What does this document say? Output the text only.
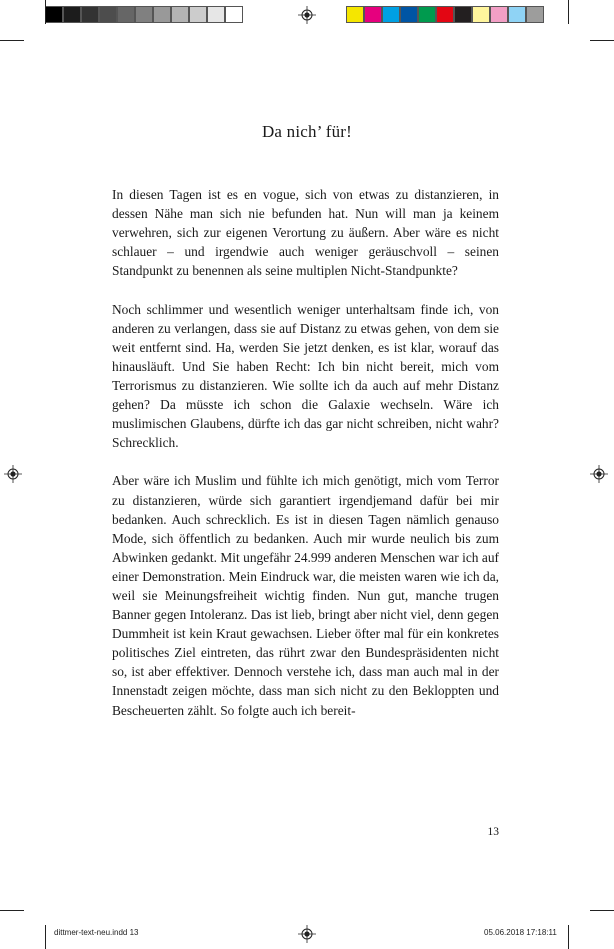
Da nich’ für!

In diesen Tagen ist es en vogue, sich von etwas zu distanzieren, in dessen Nähe man sich nie befunden hat. Nun will man ja keinem verwehren, sich zur eigenen Verortung zu äußern. Aber wäre es nicht schlauer – und irgendwie auch weniger geräuschvoll – seinen Standpunkt zu benennen als seine multiplen Nicht-Standpunkte?

Noch schlimmer und wesentlich weniger unterhaltsam finde ich, von anderen zu verlangen, dass sie auf Distanz zu etwas gehen, von dem sie weit entfernt sind. Ha, werden Sie jetzt denken, es ist klar, worauf das hinausläuft. Und Sie haben Recht: Ich bin nicht bereit, mich vom Terrorismus zu distanzieren. Wie sollte ich da auch auf mehr Distanz gehen? Da müsste ich schon die Galaxie wechseln. Wäre ich muslimischen Glaubens, dürfte ich das gar nicht schreiben, nicht wahr? Schrecklich.

Aber wäre ich Muslim und fühlte ich mich genötigt, mich vom Terror zu distanzieren, würde sich garantiert irgendjemand dafür bei mir bedanken. Auch schrecklich. Es ist in diesen Tagen nämlich genauso Mode, sich öffentlich zu bedanken. Auch mir wurde neulich bis zum Abwinken gedankt. Mit ungefähr 24.999 anderen Menschen war ich auf einer Demonstration. Mein Eindruck war, die meisten waren wie ich da, weil sie Meinungsfreiheit wichtig finden. Nun gut, manche trugen Banner gegen Intoleranz. Das ist lieb, bringt aber nicht viel, denn gegen Dummheit ist kein Kraut gewachsen. Lieber öfter mal für ein konkretes politisches Ziel eintreten, das rührt zwar den Bundespräsidenten nicht so, ist aber effektiver. Dennoch verstehe ich, dass man auch mal in der Innenstadt zeigen möchte, dass man sich nicht zu den Bekloppten und Bescheuerten zählt. So folgte auch ich bereit-

13
dittmer-text-neu.indd 13	05.06.2018 17:18:11
